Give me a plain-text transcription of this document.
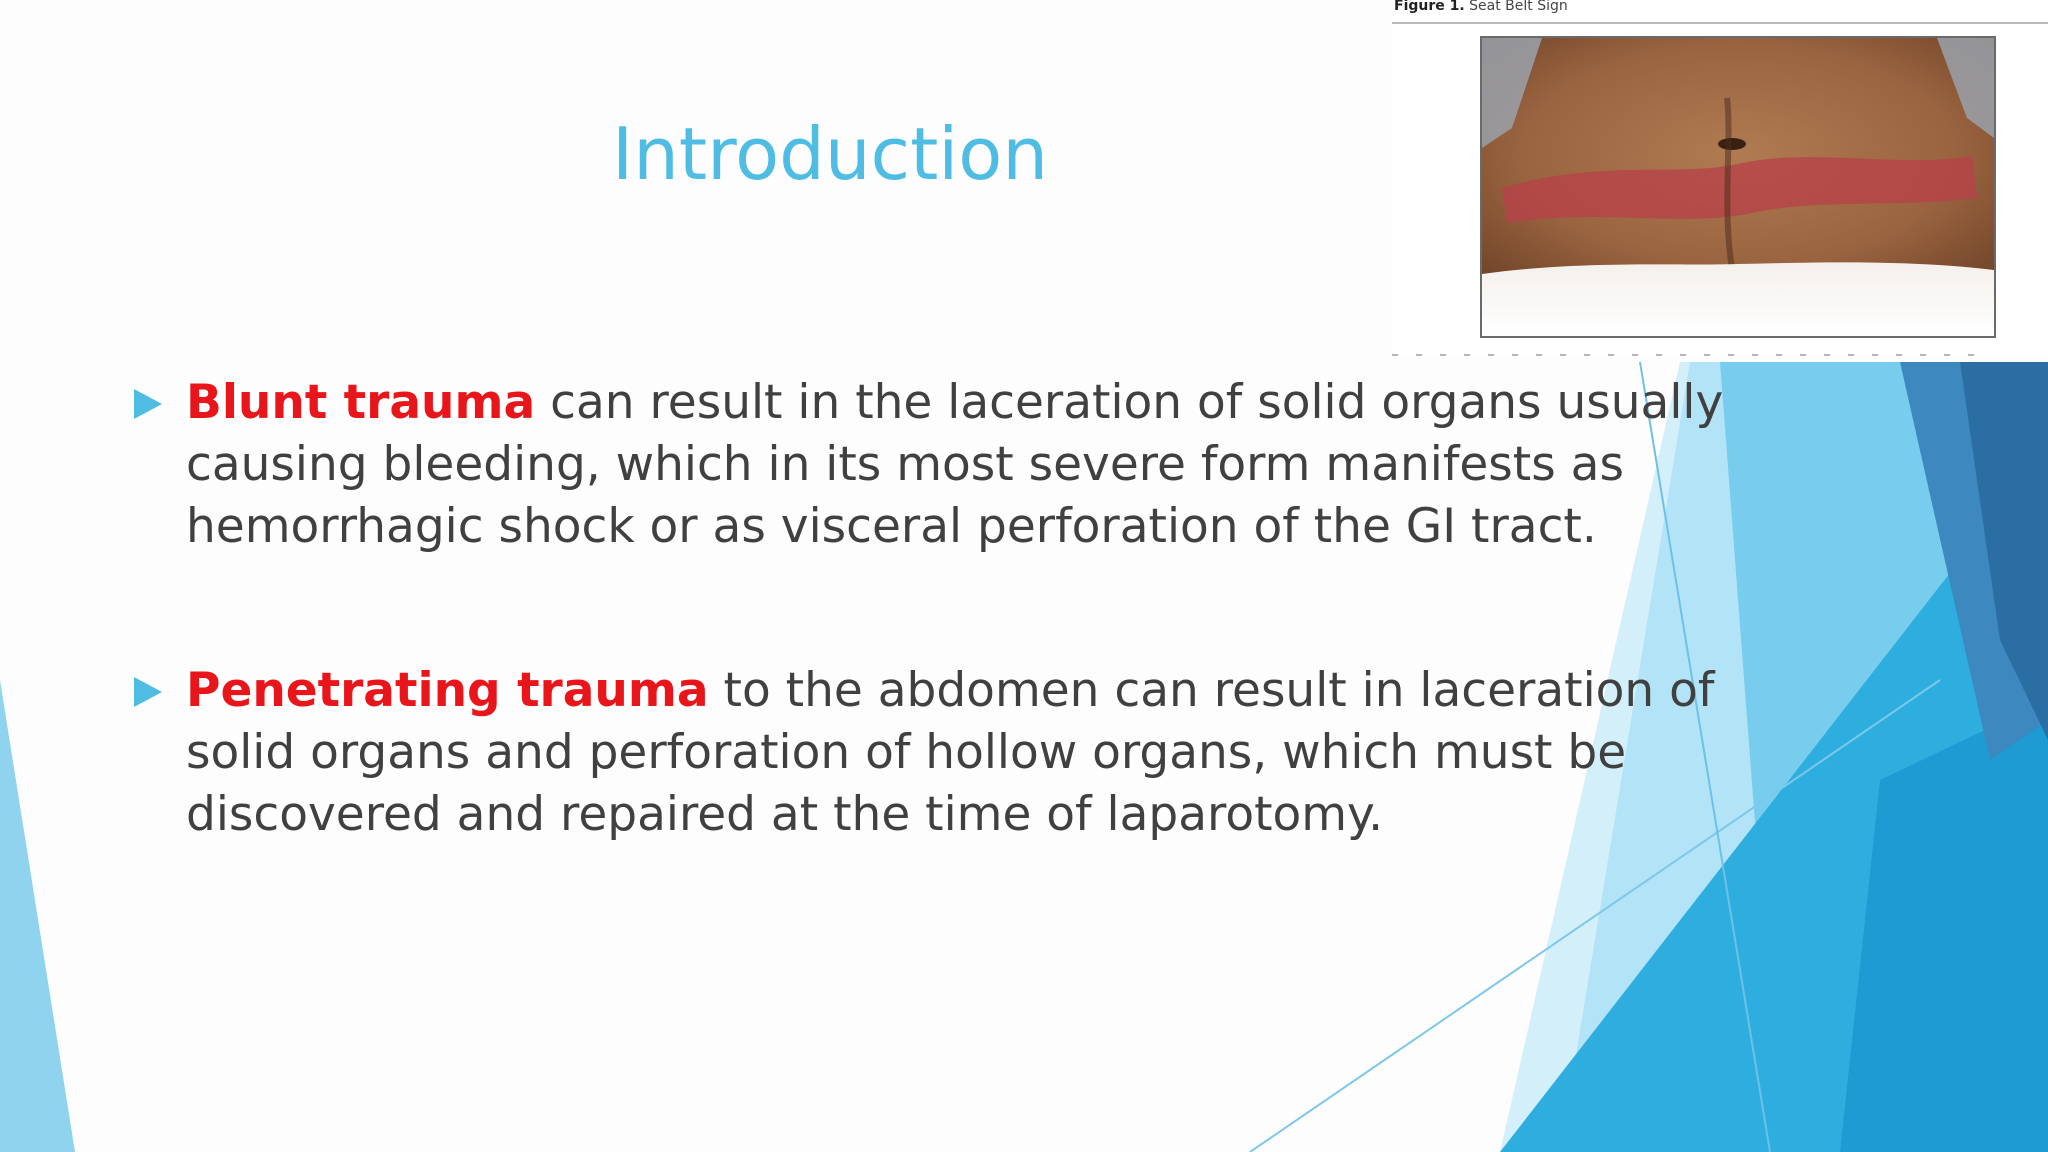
Introduction
Blunt trauma can result in the laceration of solid organs usually
causing bleeding, which in its most severe form manifests as
hemorrhagic shock or as visceral perforation of the GI tract.
Penetrating trauma to the abdomen can result in laceration of
solid organs and perforation of hollow organs, which must be
discovered and repaired at the time of laparotomy.
Figure 1. Seat Belt Sign
